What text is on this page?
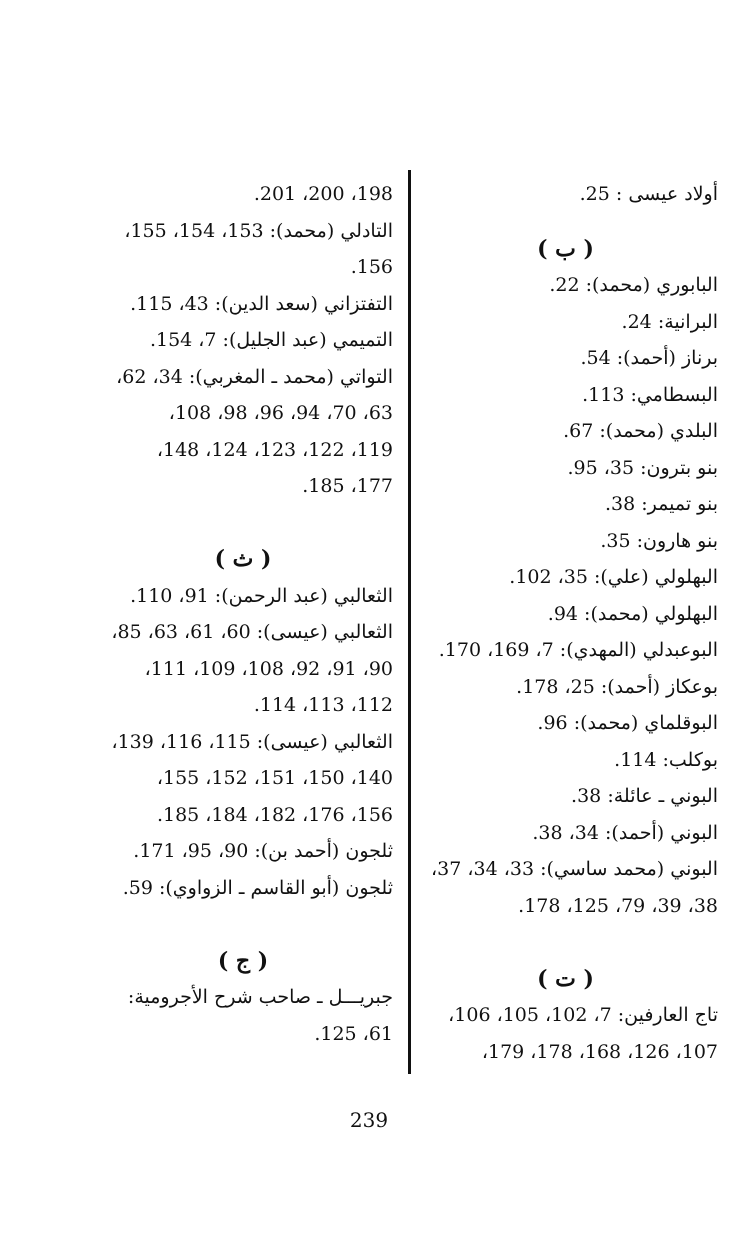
أولاد عيسى : 25.
( ب )
البابوري (محمد): 22.
البرانية: 24.
برناز (أحمد): 54.
البسطامي: 113.
البلدي (محمد): 67.
بنو بترون: 35، 95.
بنو تميمر: 38.
بنو هارون: 35.
البهلولي (علي): 35، 102.
البهلولي (محمد): 94.
البوعبدلي (المهدي): 7، 169، 170.
بوعكاز (أحمد): 25، 178.
البوقلماي (محمد): 96.
بوكلب: 114.
البوني ـ عائلة: 38.
البوني (أحمد): 34، 38.
البوني (محمد ساسي): 33، 34، 37،
38، 39، 79، 125، 178.
( ت )
تاج العارفين: 7، 102، 105، 106،
107، 126، 168، 178، 179،
198، 200، 201.
التادلي (محمد): 153، 154، 155،
156.
التفتزاني (سعد الدين): 43، 115.
التميمي (عبد الجليل): 7، 154.
التواتي (محمد ـ المغربي): 34، 62،
63، 70، 94، 96، 98، 108،
119، 122، 123، 124، 148،
177، 185.
( ث )
الثعالبي (عبد الرحمن): 91، 110.
الثعالبي (عيسى): 60، 61، 63، 85،
90، 91، 92، 108، 109، 111،
112، 113، 114.
الثعالبي (عيسى): 115، 116، 139،
140، 150، 151، 152، 155،
156، 176، 182، 184، 185.
ثلجون (أحمد بن): 90، 95، 171.
ثلجون (أبو القاسم ـ الزواوي): 59.
( ج )
جبريـــل ـ صاحب شرح الأجرومية:
61، 125.
239
